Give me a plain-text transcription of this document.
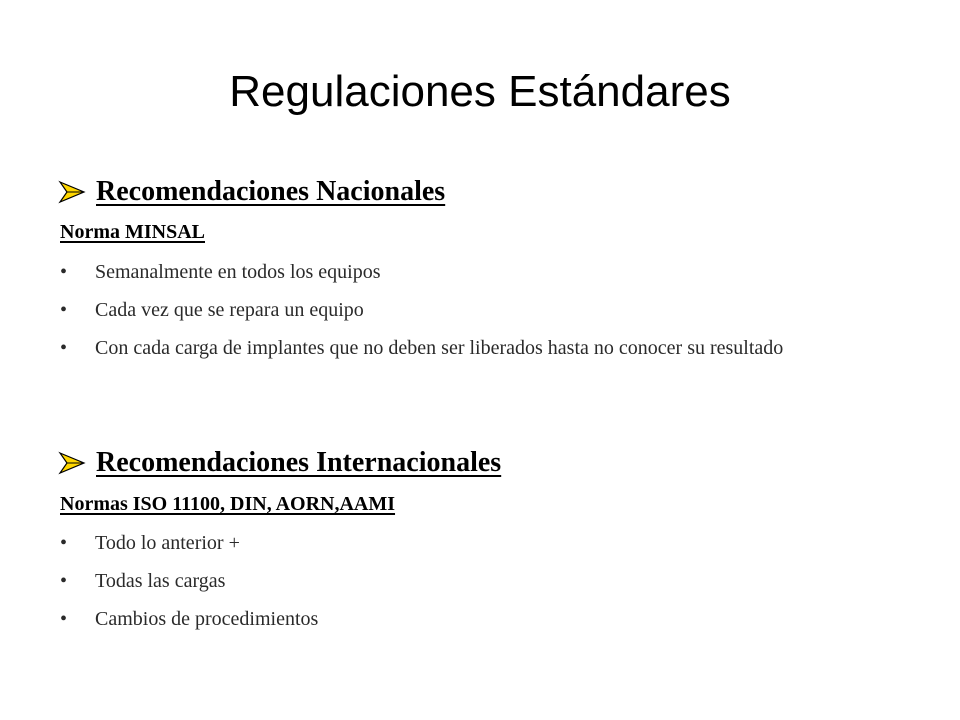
Regulaciones Estándares
Recomendaciones Nacionales
Norma MINSAL
• Semanalmente en todos los equipos
• Cada vez que se repara un equipo
• Con cada carga de implantes que no deben ser liberados hasta no conocer su resultado
Recomendaciones Internacionales
Normas ISO 11100, DIN, AORN,AAMI
• Todo lo anterior +
• Todas las cargas
• Cambios de procedimientos
